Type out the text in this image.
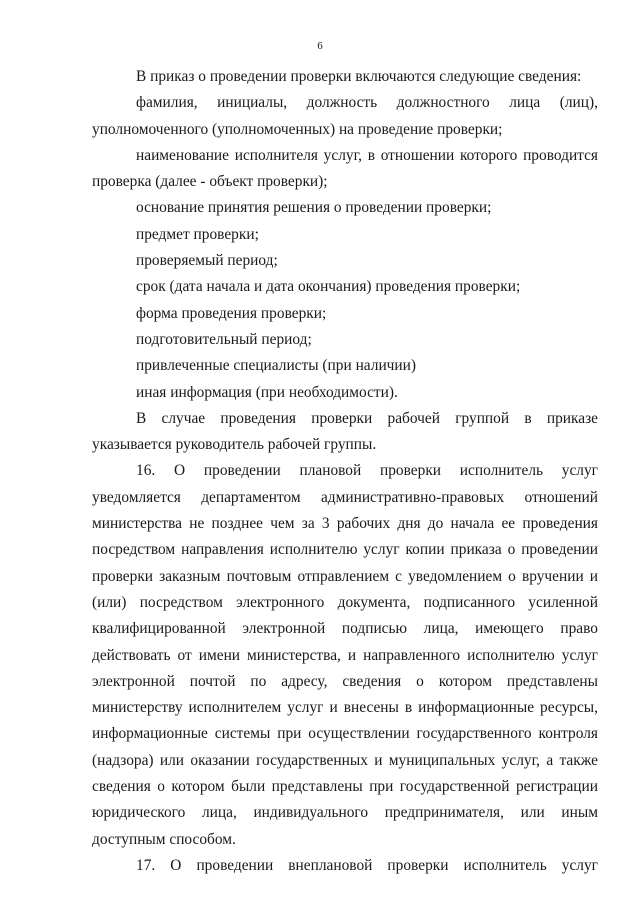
6

В приказ о проведении проверки включаются следующие сведения:

фамилия, инициалы, должность должностного лица (лиц), уполномоченного (уполномоченных) на проведение проверки;

наименование исполнителя услуг, в отношении которого проводится проверка (далее - объект проверки);

основание принятия решения о проведении проверки;

предмет проверки;

проверяемый период;

срок (дата начала и дата окончания) проведения проверки;

форма проведения проверки;

подготовительный период;

привлеченные специалисты (при наличии)

иная информация (при необходимости).

В случае проведения проверки рабочей группой в приказе указывается руководитель рабочей группы.

16. О проведении плановой проверки исполнитель услуг уведомляется департаментом административно-правовых отношений министерства не позднее чем за 3 рабочих дня до начала ее проведения посредством направления исполнителю услуг копии приказа о проведении проверки заказным почтовым отправлением с уведомлением о вручении и (или) посредством электронного документа, подписанного усиленной квалифицированной электронной подписью лица, имеющего право действовать от имени министерства, и направленного исполнителю услуг электронной почтой по адресу, сведения о котором представлены министерству исполнителем услуг и внесены в информационные ресурсы, информационные системы при осуществлении государственного контроля (надзора) или оказании государственных и муниципальных услуг, а также сведения о котором были представлены при государственной регистрации юридического лица, индивидуального предпринимателя, или иным доступным способом.

17. О проведении внеплановой проверки исполнитель услуг
